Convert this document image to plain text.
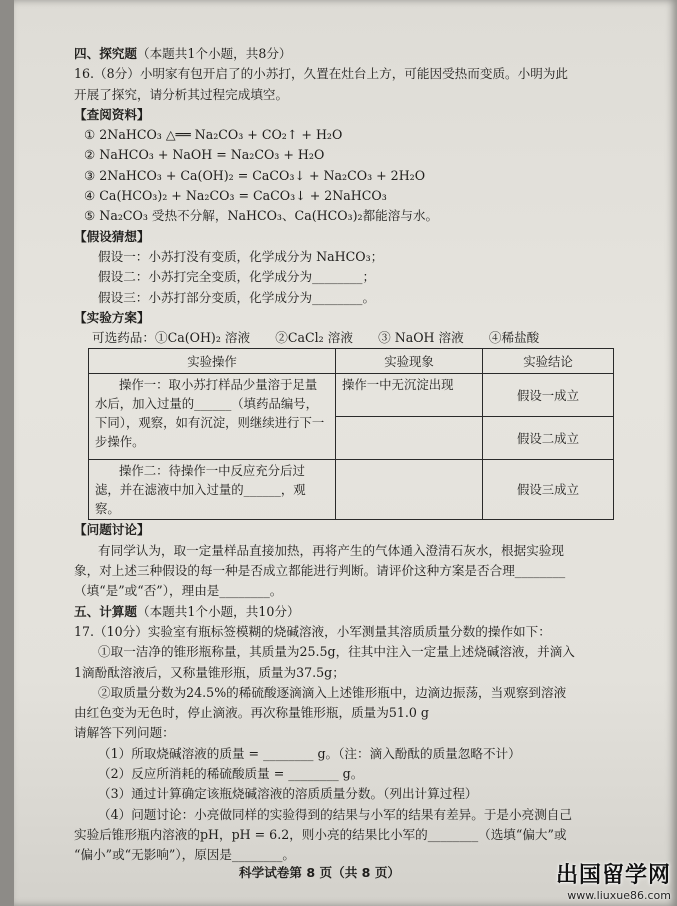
四、探究题（本题共1个小题，共8分）
16.（8分）小明家有包开启了的小苏打，久置在灶台上方，可能因受热而变质。小明为此
开展了探究，请分析其过程完成填空。
【查阅资料】
① 2NaHCO₃ △══ Na₂CO₃ + CO₂↑ + H₂O
② NaHCO₃ + NaOH = Na₂CO₃ + H₂O
③ 2NaHCO₃ + Ca(OH)₂ = CaCO₃↓ + Na₂CO₃ + 2H₂O
④ Ca(HCO₃)₂ + Na₂CO₃ = CaCO₃↓ + 2NaHCO₃
⑤ Na₂CO₃ 受热不分解，NaHCO₃、Ca(HCO₃)₂都能溶与水。
【假设猜想】
假设一：小苏打没有变质，化学成分为 NaHCO₃；
假设二：小苏打完全变质，化学成分为________；
假设三：小苏打部分变质，化学成分为________。
【实验方案】
可选药品：①Ca(OH)₂ 溶液　　②CaCl₂ 溶液　　③ NaOH 溶液　　④稀盐酸
实验操作	实验现象	实验结论

操作一：取小苏打样品少量溶于足量水后，加入过量的______（填药品编号，下同），观察，如有沉淀，则继续进行下一步操作。	操作一中无沉淀出现	假设一成立
		假设二成立

操作二：待操作一中反应充分后过滤，并在滤液中加入过量的______，观察。		假设三成立
【问题讨论】
有同学认为，取一定量样品直接加热，再将产生的气体通入澄清石灰水，根据实验现
象，对上述三种假设的每一种是否成立都能进行判断。请评价这种方案是否合理________
（填“是”或“否”），理由是________。
五、计算题（本题共1个小题，共10分）
17.（10分）实验室有瓶标签模糊的烧碱溶液，小军测量其溶质质量分数的操作如下：
①取一洁净的锥形瓶称量，其质量为25.5g，往其中注入一定量上述烧碱溶液，并滴入
1滴酚酞溶液后，又称量锥形瓶，质量为37.5g；
②取质量分数为24.5%的稀硫酸逐滴滴入上述锥形瓶中，边滴边振荡，当观察到溶液
由红色变为无色时，停止滴液。再次称量锥形瓶，质量为51.0 g
请解答下列问题：
（1）所取烧碱溶液的质量 = ________ g。（注：滴入酚酞的质量忽略不计）
（2）反应所消耗的稀硫酸质量 = ________ g。
（3）通过计算确定该瓶烧碱溶液的溶质质量分数。（列出计算过程）
（4）问题讨论：小亮做同样的实验得到的结果与小军的结果有差异。于是小亮测自己
实验后锥形瓶内溶液的pH，pH = 6.2，则小亮的结果比小军的________（选填“偏大”或
“偏小”或“无影响”），原因是________。
科学试卷第 8 页（共 8 页）	出国留学网
www.liuxue86.com
